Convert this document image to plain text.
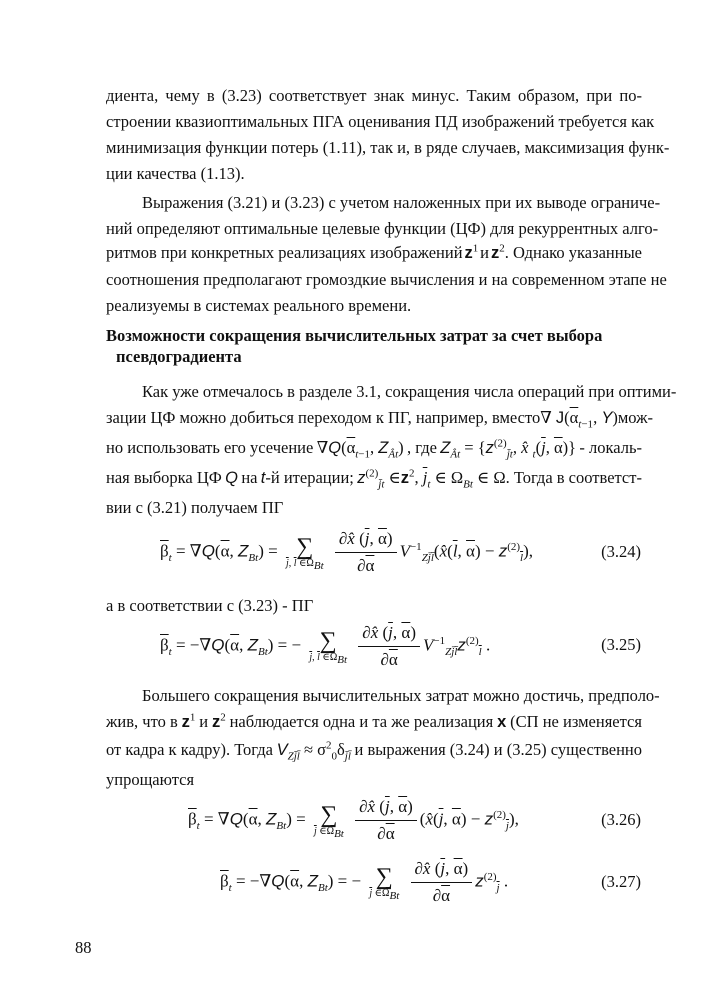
диента, чему в (3.23) соответствует знак минус. Таким образом, при по-
строении квазиоптимальных ПГА оценивания ПД изображений требуется как
минимизация функции потерь (1.11), так и, в ряде случаев, максимизация функ-
ции качества (1.13).
Выражения (3.21) и (3.23) с учетом наложенных при их выводе ограниче-
ний определяют оптимальные целевые функции (ЦФ) для рекуррентных алго-
ритмов при конкретных реализациях изображений $z^1$ и $z^2$. Однако указанные
соотношения предполагают громоздкие вычисления и на современном этапе не
реализуемы в системах реального времени.
Возможности сокращения вычислительных затрат за счет выбора
псевдоградиента
Как уже отмечалось в разделе 3.1, сокращения числа операций при оптими-
зации ЦФ можно добиться переходом к ПГ, например, вместо ∇ $J(\overline{\alpha}_{t-1}$, Y) мож-
но использовать его усечение $\nabla Q(\overline{\alpha}_{t-1}$, $Z_{Ât}$) , где $Z_{Ât} = \{z^{(2)}_{j̄t}$, x̂ $_t(\overline{j}$, $\overline{\alpha}$)} - локаль-
ная выборка ЦФ Q на t-й итерации; $z^{(2)}_{j̄t}$ $\in z^2$, $\overline{j}_t$ ∈ $\Omega_{Bt}$ ∈ Ω. Тогда в соответст-
вии с (3.21) получаем ПГ
$\overline{\beta}_t = \nabla Q(\overline{\alpha}$, $Z_{Bt}$) = ∑
$\overline{j}$, $\overline{l}$ $\in\Omega_{Bt}$
$\frac{\partial x̂ (\overline{j}, \overline{\alpha})}{\partial\overline{\alpha}}$ $V^{-1}_{Zj̄l̄}(x̂(\overline{l}$, $\overline{\alpha}) - z^{(2)}_{\overline{l}}$),	(3.24)
а в соответствии с (3.23) - ПГ
$\overline{\beta}_t = -\nabla Q(\overline{\alpha}$, $Z_{Bt}$) = − ∑
$\overline{j}$, $\overline{l}$ $\in\Omega_{Bt}$
$\frac{\partial x̂ (\overline{j}, \overline{\alpha})}{\partial\overline{\alpha}} V^{-1}_{Zj̄l̄}z^{(2)}_{\overline{l}}$ .	(3.25)
Большего сокращения вычислительных затрат можно достичь, предполо-
жив, что в $z^1$ и $z^2$ наблюдается одна и та же реализация x (СП не изменяется
от кадра к кадру). Тогда $V_{Zj̄l̄} \approx \sigma^2_0\delta_{j̄l̄}$ и выражения (3.24) и (3.25) существенно
упрощаются
$\overline{\beta}_t = \nabla Q(\overline{\alpha}$, $Z_{Bt}$) = ∑
$\overline{j}$ $\in\Omega_{Bt}$
$\frac{\partial x̂ (\overline{j}, \overline{\alpha})}{\partial\overline{\alpha}}$ ($x̂(\overline{j}$, $\overline{\alpha}) - z^{(2)}_{\overline{j}}$),	(3.26)
$\overline{\beta}_t = -\nabla Q(\overline{\alpha}$, $Z_{Bt}$) = − ∑
$\overline{j}$ $\in\Omega_{Bt}$
$\frac{\partial x̂ (\overline{j}, \overline{\alpha})}{\partial\overline{\alpha}} z^{(2)}_{\overline{j}}$ .	(3.27)
88
